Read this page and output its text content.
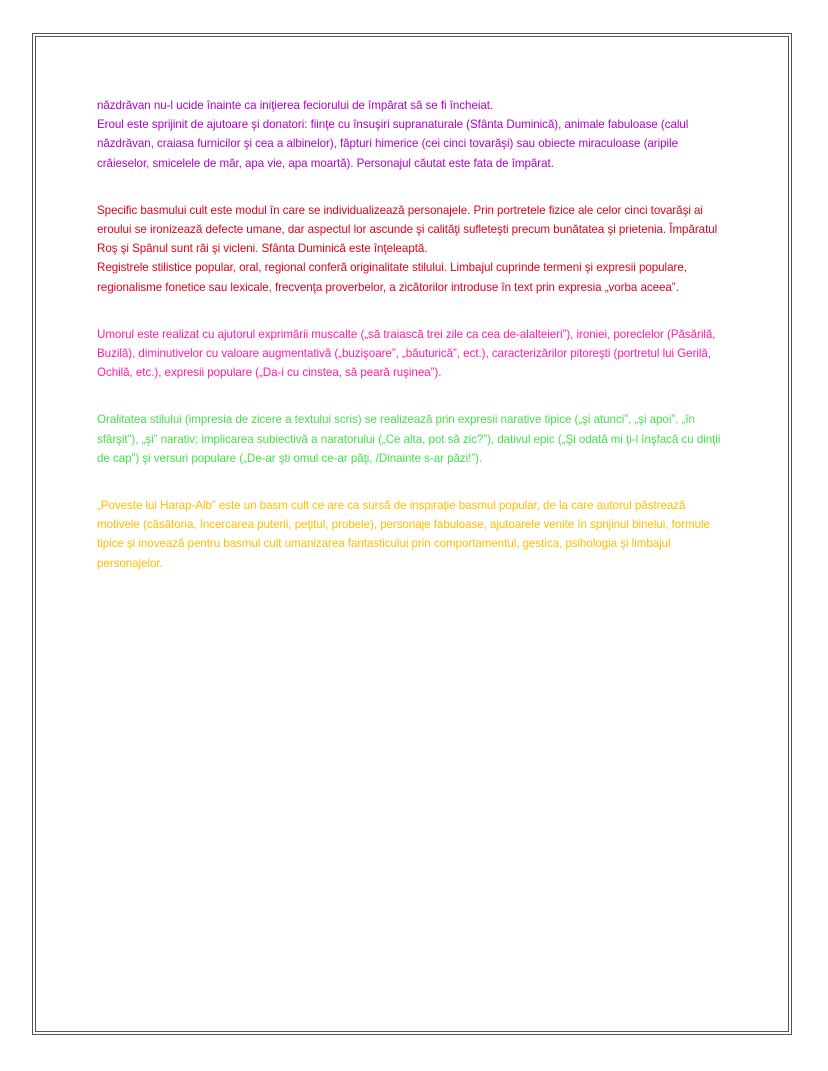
năzdrăvan nu-l ucide înainte ca iniţierea feciorului de împărat să se fi încheiat.

Eroul este sprijinit de ajutoare şi donatori: fiinţe cu însuşiri supranaturale (Sfânta Duminică), animale fabuloase (calul năzdrăvan, craiasa furnicilor şi cea a albinelor), făpturi himerice (cei cinci tovarăşi) sau obiecte miraculoase (aripile crăieselor, smicelele de măr, apa vie, apa moartă). Personajul căutat este fata de împărat.

Specific basmului cult este modul în care se individualizează personajele. Prin portretele fizice ale celor cinci tovarăşi ai eroului se ironizează defecte umane, dar aspectul lor ascunde şi calităţi sufleteşti precum bunătatea şi prietenia. Împăratul Roş şi Spânul sunt răi şi vicleni. Sfânta Duminică este înţeleaptă.

Registrele stilistice popular, oral, regional conferă originalitate stilului. Limbajul cuprinde termeni şi expresii populare, regionalisme fonetice sau lexicale, frecvenţa proverbelor, a zicătorilor introduse în text prin expresia „vorba aceea”.

Umorul este realizat cu ajutorul exprimării muscalte („să traiască trei zile ca cea de-alalteieri”), ironiei, poreclelor (Păsărilă, Buzilă), diminutivelor cu valoare augmentativă („buzişoare”, „băuturică”, ect.), caracterizărilor pitoreşti (portretul lui Gerilă, Ochilă, etc.), expresii populare („Da-i cu cinstea, să peară ruşinea”).

Oralitatea stilului (impresia de zicere a textului scris) se realizează prin expresii narative tipice („şi atunci”, „şi apoi”, „în sfârşit”), „şi” narativ; implicarea subiectivă a naratorului („Ce alta, pot să zic?”), dativul epic („Şi odată mi ţi-l înşfacă cu dinţii de cap”) şi versuri populare („De-ar şti omul ce-ar păţi, /Dinainte s-ar păzi!”).

„Poveste lui Harap-Alb” este un basm cult ce are ca sursă de inspiraţie basmul popular, de la care autorul păstrează motivele (căsătoria, încercarea puterii, peţitul, probele), personaje fabuloase, ajutoarele venite în sprijinul binelui, formule tipice şi inovează pentru basmul cult umanizarea fantasticului prin comportamentul, gestica, psihologia şi limbajul personajelor.
